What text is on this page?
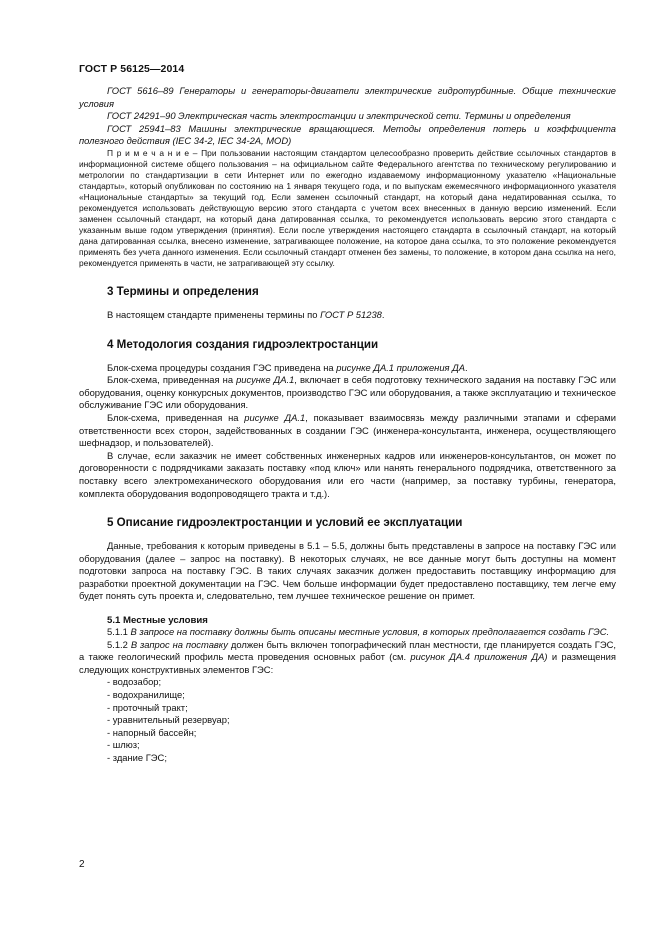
ГОСТ Р 56125—2014

ГОСТ 5616–89 Генераторы и генераторы-двигатели электрические гидротурбинные. Общие технические условия

ГОСТ 24291–90 Электрическая часть электростанции и электрической сети. Термины и определения

ГОСТ 25941–83 Машины электрические вращающиеся. Методы определения потерь и коэффициента полезного действия (IEC 34-2, IEC 34-2A, MOD)

П р и м е ч а н и е – При пользовании настоящим стандартом целесообразно проверить действие ссылочных стандартов в информационной системе общего пользования – на официальном сайте Федерального агентства по техническому регулированию и метрологии по стандартизации в сети Интернет или по ежегодно издаваемому информационному указателю «Национальные стандарты», который опубликован по состоянию на 1 января текущего года, и по выпускам ежемесячного информационного указателя «Национальные стандарты» за текущий год. Если заменен ссылочный стандарт, на который дана недатированная ссылка, то рекомендуется использовать действующую версию этого стандарта с учетом всех внесенных в данную версию изменений. Если заменен ссылочный стандарт, на который дана датированная ссылка, то рекомендуется использовать версию этого стандарта с указанным выше годом утверждения (принятия). Если после утверждения настоящего стандарта в ссылочный стандарт, на который дана датированная ссылка, внесено изменение, затрагивающее положение, на которое дана ссылка, то это положение рекомендуется применять без учета данного изменения. Если ссылочный стандарт отменен без замены, то положение, в котором дана ссылка на него, рекомендуется применять в части, не затрагивающей эту ссылку.

3 Термины и определения

В настоящем стандарте применены термины по ГОСТ Р 51238.

4 Методология создания гидроэлектростанции

Блок-схема процедуры создания ГЭС приведена на рисунке ДА.1 приложения ДА.

Блок-схема, приведенная на рисунке ДА.1, включает в себя подготовку технического задания на поставку ГЭС или оборудования, оценку конкурсных документов, производство ГЭС или оборудования, а также эксплуатацию и техническое обслуживание ГЭС или оборудования.

Блок-схема, приведенная на рисунке ДА.1, показывает взаимосвязь между различными этапами и сферами ответственности всех сторон, задействованных в создании ГЭС (инженера-консультанта, инженера, осуществляющего шефнадзор, и пользователей).

В случае, если заказчик не имеет собственных инженерных кадров или инженеров-консультантов, он может по договоренности с подрядчиками заказать поставку «под ключ» или нанять генерального подрядчика, ответственного за поставку всего электромеханического оборудования или его части (например, за поставку турбины, генератора, комплекта оборудования водопроводящего тракта и т.д.).

5 Описание гидроэлектростанции и условий ее эксплуатации

Данные, требования к которым приведены в 5.1 – 5.5, должны быть представлены в запросе на поставку ГЭС или оборудования (далее – запрос на поставку). В некоторых случаях, не все данные могут быть доступны на момент подготовки запроса на поставку ГЭС. В таких случаях заказчик должен предоставить поставщику информацию для разработки проектной документации на ГЭС. Чем больше информации будет предоставлено поставщику, тем легче ему будет понять суть проекта и, следовательно, тем лучшее техническое решение он примет.

5.1 Местные условия

5.1.1 В запросе на поставку должны быть описаны местные условия, в которых предполагается создать ГЭС.

5.1.2 В запрос на поставку должен быть включен топографический план местности, где планируется создать ГЭС, а также геологический профиль места проведения основных работ (см. рисунок ДА.4 приложения ДА) и размещения следующих конструктивных элементов ГЭС:

- водозабор;

- водохранилище;

- проточный тракт;

- уравнительный резервуар;

- напорный бассейн;

- шлюз;

- здание ГЭС;

2
